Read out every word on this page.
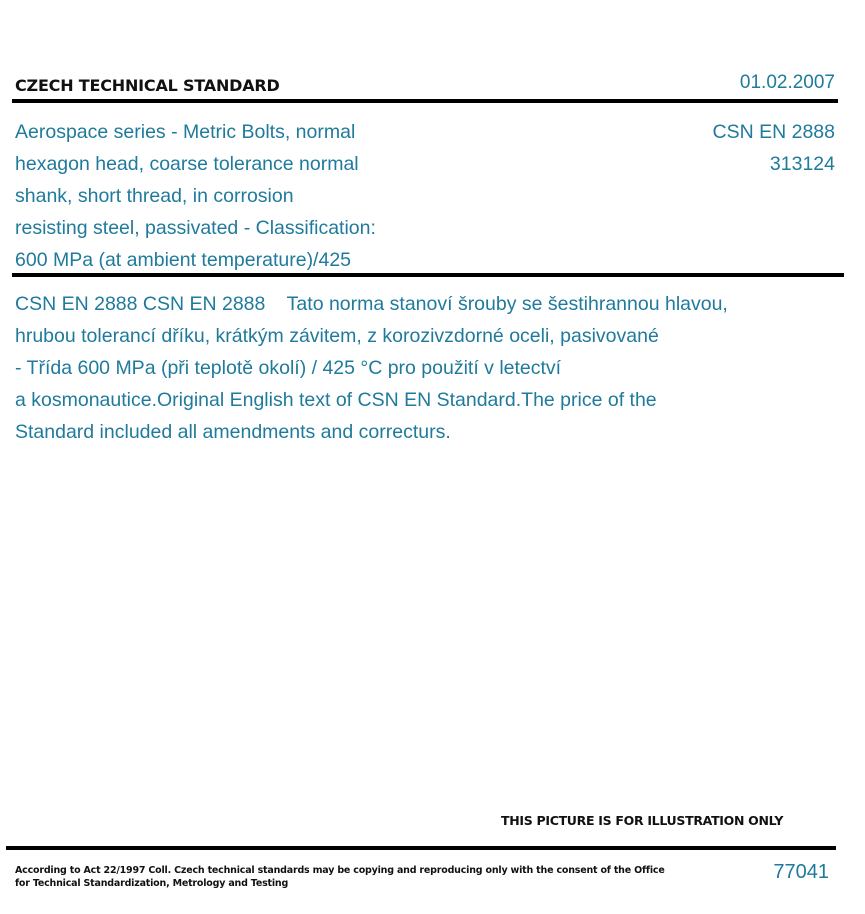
CZECH TECHNICAL STANDARD	01.02.2007
Aerospace series - Metric Bolts, normal
hexagon head, coarse tolerance normal
shank, short thread, in corrosion
resisting steel, passivated - Classification:
600 MPa (at ambient temperature)/425
CSN EN 2888
313124
CSN EN 2888 CSN EN 2888    Tato norma stanoví šrouby se šestihrannou hlavou,
hrubou tolerancí dříku, krátkým závitem, z korozivzdorné oceli, pasivované
- Třída 600 MPa (při teplotě okolí) / 425 °C pro použití v letectví
a kosmonautice.Original English text of CSN EN Standard.The price of the
Standard included all amendments and correcturs.
THIS PICTURE IS FOR ILLUSTRATION ONLY
According to Act 22/1997 Coll. Czech technical standards may be copying and reproducing only with the consent of the Office
for Technical Standardization, Metrology and Testing
77041
